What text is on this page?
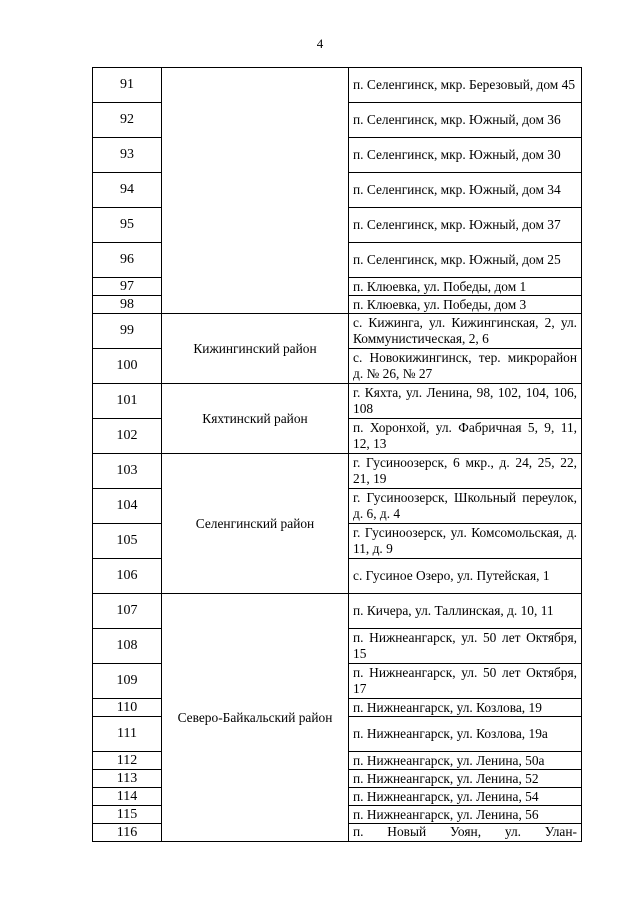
4
91		п. Селенгинск, мкр. Березовый, дом 45
92		п. Селенгинск, мкр. Южный, дом 36
93		п. Селенгинск, мкр. Южный, дом 30
94		п. Селенгинск, мкр. Южный, дом 34
95		п. Селенгинск, мкр. Южный, дом 37
96		п. Селенгинск, мкр. Южный, дом 25
97		п. Клюевка, ул. Победы, дом 1
98		п. Клюевка, ул. Победы, дом 3
99	Кижингинский район	с. Кижинга, ул. Кижингинская, 2, ул. Коммунистическая, 2, 6
100		с. Новокижингинск, тер. микрорайон д. № 26, № 27
101	Кяхтинский район	г. Кяхта, ул. Ленина, 98, 102, 104, 106, 108
102		п. Хоронхой, ул. Фабричная 5, 9, 11, 12, 13
103	Селенгинский район	г. Гусиноозерск, 6 мкр., д. 24, 25, 22, 21, 19
104		г. Гусиноозерск, Школьный переулок, д. 6, д. 4
105		г. Гусиноозерск, ул. Комсомольская, д. 11, д. 9
106		с. Гусиное Озеро, ул. Путейская, 1
107	Северо-Байкальский район	п. Кичера, ул. Таллинская, д. 10, 11
108		п. Нижнеангарск, ул. 50 лет Октября, 15
109		п. Нижнеангарск, ул. 50 лет Октября, 17
110		п. Нижнеангарск, ул. Козлова, 19
111		п. Нижнеангарск, ул. Козлова, 19а
112		п. Нижнеангарск, ул. Ленина, 50а
113		п. Нижнеангарск, ул. Ленина, 52
114		п. Нижнеангарск, ул. Ленина, 54
115		п. Нижнеангарск, ул. Ленина, 56
116		п. Новый Уоян, ул. Улан-
